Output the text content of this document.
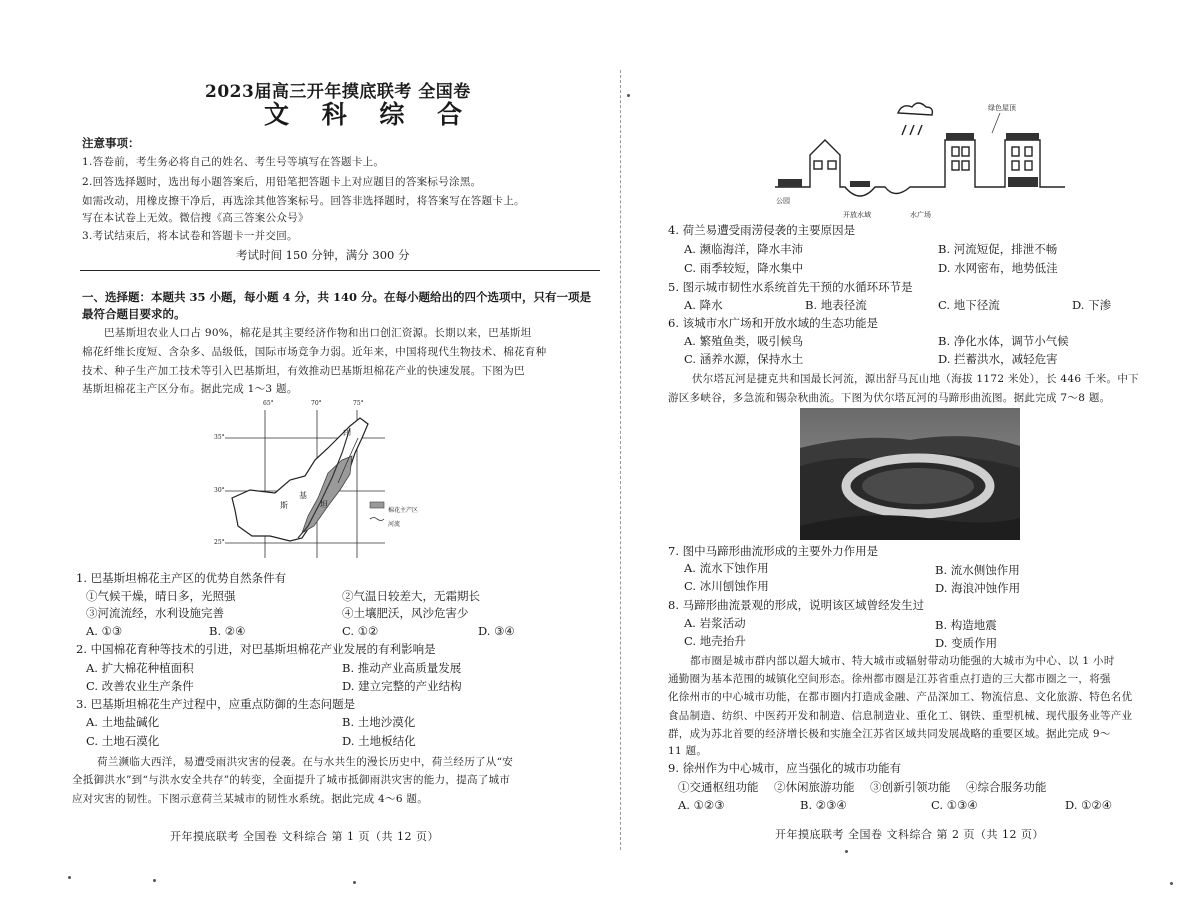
2023届高三开年摸底联考 全国卷
文 科 综 合
注意事项：
1.答卷前，考生务必将自己的姓名、考生号等填写在答题卡上。
2.回答选择题时，选出每小题答案后，用铅笔把答题卡上对应题目的答案标号涂黑。
如需改动，用橡皮擦干净后，再选涂其他答案标号。回答非选择题时，将答案写在答题卡上。
写在本试卷上无效。微信搜《高三答案公众号》
3.考试结束后，将本试卷和答题卡一并交回。
考试时间 150 分钟，满分 300 分
一、选择题：本题共 35 小题，每小题 4 分，共 140 分。在每小题给出的四个选项中，只有一项是
最符合题目要求的。
巴基斯坦农业人口占 90%，棉花是其主要经济作物和出口创汇资源。长期以来，巴基斯坦
棉花纤维长度短、含杂多、品级低，国际市场竞争力弱。近年来，中国将现代生物技术、棉花育种
技术、种子生产加工技术等引入巴基斯坦，有效推动巴基斯坦棉花产业的快速发展。下图为巴
基斯坦棉花主产区分布。据此完成 1～3 题。
65°	70°	75°
35°
30°
25°
棉花主产区
河流
印
基
斯	坦
1. 巴基斯坦棉花主产区的优势自然条件有
①气候干燥，晴日多，光照强	②气温日较差大，无霜期长
③河流流经，水利设施完善	④土壤肥沃，风沙危害少
A. ①③	B. ②④	C. ①②	D. ③④
2. 中国棉花育种等技术的引进，对巴基斯坦棉花产业发展的有利影响是
A. 扩大棉花种植面积	B. 推动产业高质量发展
C. 改善农业生产条件	D. 建立完整的产业结构
3. 巴基斯坦棉花生产过程中，应重点防御的生态问题是
A. 土地盐碱化	B. 土地沙漠化
C. 土地石漠化	D. 土地板结化
荷兰濒临大西洋，易遭受雨洪灾害的侵袭。在与水共生的漫长历史中，荷兰经历了从“安
全抵御洪水”到“与洪水安全共存”的转变，全面提升了城市抵御雨洪灾害的能力，提高了城市
应对灾害的韧性。下图示意荷兰某城市的韧性水系统。据此完成 4～6 题。
开年摸底联考 全国卷 文科综合 第 1 页（共 12 页）
绿色屋顶
公园
开放水域	水广场
4. 荷兰易遭受雨涝侵袭的主要原因是
A. 濒临海洋，降水丰沛	B. 河流短促，排泄不畅
C. 雨季较短，降水集中	D. 水网密布，地势低洼
5. 图示城市韧性水系统首先干预的水循环环节是
A. 降水	B. 地表径流	C. 地下径流	D. 下渗
6. 该城市水广场和开放水域的生态功能是
A. 繁殖鱼类，吸引候鸟	B. 净化水体，调节小气候
C. 涵养水源，保持水土	D. 拦蓄洪水，减轻危害
伏尔塔瓦河是捷克共和国最长河流，源出舒马瓦山地（海拔 1172 米处），长 446 千米。中下
游区多峡谷，多急流和锡杂秋曲流。下图为伏尔塔瓦河的马蹄形曲流图。据此完成 7～8 题。
7. 图中马蹄形曲流形成的主要外力作用是
A. 流水下蚀作用	B. 流水侧蚀作用
C. 冰川刨蚀作用	D. 海浪冲蚀作用
8. 马蹄形曲流景观的形成，说明该区域曾经发生过
A. 岩浆活动	B. 构造地震
C. 地壳抬升	D. 变质作用
都市圈是城市群内部以超大城市、特大城市或辐射带动功能强的大城市为中心、以 1 小时
通勤圈为基本范围的城镇化空间形态。徐州都市圈是江苏省重点打造的三大都市圈之一，将强
化徐州市的中心城市功能，在都市圈内打造成金融、产品深加工、物流信息、文化旅游、特色名优
食品制造、纺织、中医药开发和制造、信息制造业、重化工、钢铁、重型机械、现代服务业等产业
群，成为苏北首要的经济增长极和实施全江苏省区域共同发展战略的重要区域。据此完成 9～
11 题。
9. 徐州作为中心城市，应当强化的城市功能有
①交通枢纽功能 ②休闲旅游功能 ③创新引领功能 ④综合服务功能
A. ①②③	B. ②③④	C. ①③④	D. ①②④
开年摸底联考 全国卷 文科综合 第 2 页（共 12 页）
